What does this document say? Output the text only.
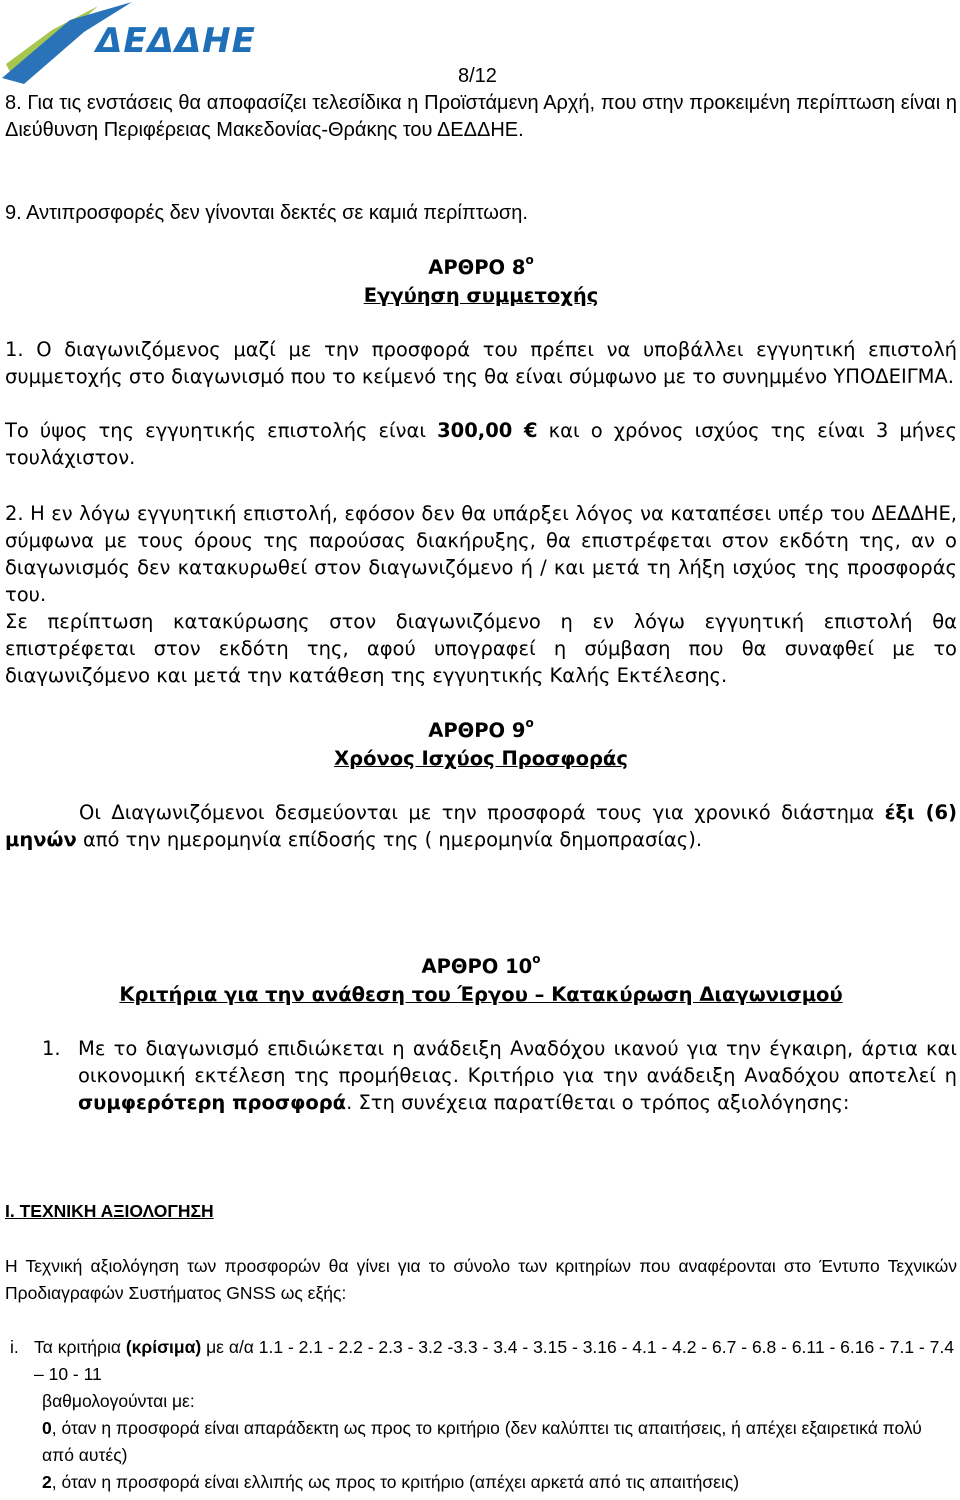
ΔΕΔΔΗΕ
8/12

8. Για τις ενστάσεις θα αποφασίζει τελεσίδικα η Προϊστάμενη Αρχή, που στην προκειμένη περίπτωση είναι η Διεύθυνση Περιφέρειας Μακεδονίας-Θράκης του ΔΕΔΔΗΕ.

9. Αντιπροσφορές δεν γίνονται δεκτές σε καμιά περίπτωση.

ΑΡΘΡΟ $8^o$

Εγγύηση συμμετοχής

1. Ο διαγωνιζόμενος μαζί με την προσφορά του πρέπει να υποβάλλει εγγυητική επιστολή συμμετοχής στο διαγωνισμό που το κείμενό της θα είναι σύμφωνο με το συνημμένο ΥΠΟΔΕΙΓΜΑ.

Το ύψος της εγγυητικής επιστολής είναι 300,00 € και ο χρόνος ισχύος της είναι 3 μήνες τουλάχιστον.

2. Η εν λόγω εγγυητική επιστολή, εφόσον δεν θα υπάρξει λόγος να καταπέσει υπέρ του ΔΕΔΔΗΕ, σύμφωνα με τους όρους της παρούσας διακήρυξης, θα επιστρέφεται στον εκδότη της, αν ο διαγωνισμός δεν κατακυρωθεί στον διαγωνιζόμενο ή / και μετά τη λήξη ισχύος της προσφοράς του.

Σε περίπτωση κατακύρωσης στον διαγωνιζόμενο η εν λόγω εγγυητική επιστολή θα επιστρέφεται στον εκδότη της, αφού υπογραφεί η σύμβαση που θα συναφθεί με το διαγωνιζόμενο και μετά την κατάθεση της εγγυητικής Καλής Εκτέλεσης.

ΑΡΘΡΟ $9^o$

Χρόνος Ισχύος Προσφοράς

Οι Διαγωνιζόμενοι δεσμεύονται με την προσφορά τους για χρονικό διάστημα έξι (6) μηνών από την ημερομηνία επίδοσής της ( ημερομηνία δημοπρασίας).

ΑΡΘΡΟ $10^o$

Κριτήρια για την ανάθεση του Έργου – Κατακύρωση Διαγωνισμού

1. Με το διαγωνισμό επιδιώκεται η ανάδειξη Αναδόχου ικανού για την έγκαιρη, άρτια και οικονομική εκτέλεση της προμήθειας. Κριτήριο για την ανάδειξη Αναδόχου αποτελεί η συμφερότερη προσφορά. Στη συνέχεια παρατίθεται ο τρόπος αξιολόγησης:

Ι. ΤΕΧΝΙΚΗ ΑΞΙΟΛΟΓΗΣΗ

Η Τεχνική αξιολόγηση των προσφορών θα γίνει για το σύνολο των κριτηρίων που αναφέρονται στο Έντυπο Τεχνικών Προδιαγραφών Συστήματος GNSS ως εξής:

i. Τα κριτήρια (κρίσιμα) με α/α 1.1 - 2.1 - 2.2 - 2.3 - 3.2 -3.3 - 3.4 - 3.15 - 3.16 - 4.1 - 4.2 - 6.7 - 6.8 - 6.11 - 6.16 - 7.1 - 7.4 – 10 - 11

βαθμολογούνται με:

0, όταν η προσφορά είναι απαράδεκτη ως προς το κριτήριο (δεν καλύπτει τις απαιτήσεις, ή απέχει εξαιρετικά πολύ από αυτές)

2, όταν η προσφορά είναι ελλιπής ως προς το κριτήριο (απέχει αρκετά από τις απαιτήσεις)
